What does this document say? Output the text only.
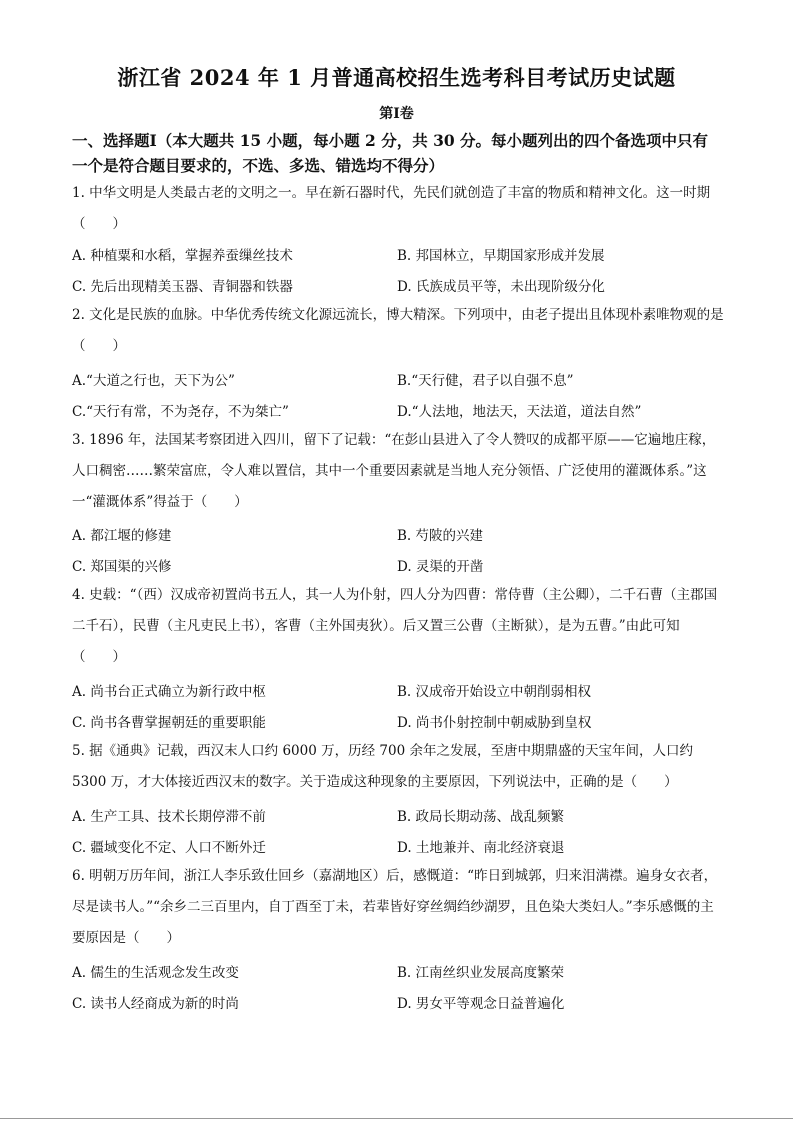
浙江省 2024 年 1 月普通高校招生选考科目考试历史试题
第Ⅰ卷
一、选择题Ⅰ（本大题共 15 小题，每小题 2 分，共 30 分。每小题列出的四个备选项中只有
一个是符合题目要求的，不选、多选、错选均不得分）
1. 中华文明是人类最古老的文明之一。早在新石器时代，先民们就创造了丰富的物质和精神文化。这一时期（　　）
A. 种植粟和水稻，掌握养蚕缫丝技术	B. 邦国林立，早期国家形成并发展
C. 先后出现精美玉器、青铜器和铁器	D. 氏族成员平等，未出现阶级分化
2. 文化是民族的血脉。中华优秀传统文化源远流长，博大精深。下列项中，由老子提出且体现朴素唯物观的是（　　）
A.“大道之行也，天下为公”	B.“天行健，君子以自强不息”
C.“天行有常，不为尧存，不为桀亡”	D.“人法地，地法天，天法道，道法自然”
3. 1896 年，法国某考察团进入四川，留下了记载：“在彭山县进入了令人赞叹的成都平原——它遍地庄稼，人口稠密……繁荣富庶，令人难以置信，其中一个重要因素就是当地人充分领悟、广泛使用的灌溉体系。”这一“灌溉体系”得益于（　　）
A. 都江堰的修建	B. 芍陂的兴建
C. 郑国渠的兴修	D. 灵渠的开凿
4. 史载：“（西）汉成帝初置尚书五人，其一人为仆射，四人分为四曹：常侍曹（主公卿），二千石曹（主郡国二千石），民曹（主凡吏民上书），客曹（主外国夷狄）。后又置三公曹（主断狱），是为五曹。”由此可知（　　）
A. 尚书台正式确立为新行政中枢	B. 汉成帝开始设立中朝削弱相权
C. 尚书各曹掌握朝廷的重要职能	D. 尚书仆射控制中朝威胁到皇权
5. 据《通典》记载，西汉末人口约 6000 万，历经 700 余年之发展，至唐中期鼎盛的天宝年间，人口约 5300 万，才大体接近西汉末的数字。关于造成这种现象的主要原因，下列说法中，正确的是（　　）
A. 生产工具、技术长期停滞不前	B. 政局长期动荡、战乱频繁
C. 疆域变化不定、人口不断外迁	D. 土地兼并、南北经济衰退
6. 明朝万历年间，浙江人李乐致仕回乡（嘉湖地区）后，感慨道：“昨日到城郭，归来泪满襟。遍身女衣者，尽是读书人。”“余乡二三百里内，自丁酉至丁未，若辈皆好穿丝绸绉纱湖罗，且色染大类妇人。”李乐感慨的主要原因是（　　）
A. 儒生的生活观念发生改变	B. 江南丝织业发展高度繁荣
C. 读书人经商成为新的时尚	D. 男女平等观念日益普遍化
